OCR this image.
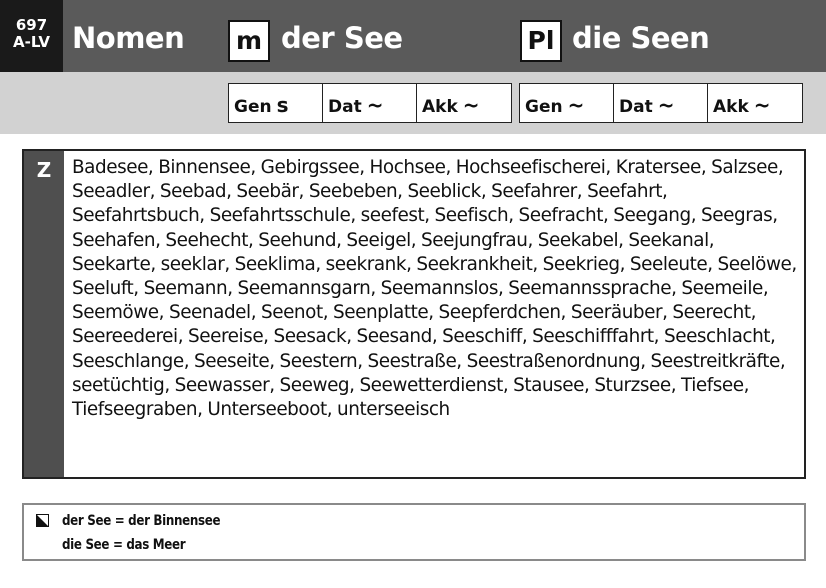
697
A-LV Nomen	m der See	Pl die Seen
Gen s	Dat ~	Akk ~	Gen ~	Dat ~	Akk ~
Z	Badesee, Binnensee, Gebirgssee, Hochsee, Hochseefischerei, Kratersee, Salzsee, Seeadler, Seebad, Seebär, Seebeben, Seeblick, Seefahrer, Seefahrt, Seefahrtsbuch, Seefahrtsschule, seefest, Seefisch, Seefracht, Seegang, Seegras, Seehafen, Seehecht, Seehund, Seeigel, Seejungfrau, Seekabel, Seekanal, Seekarte, seeklar, Seeklima, seekrank, Seekrankheit, Seekrieg, Seeleute, Seelöwe, Seeluft, Seemann, Seemannsgarn, Seemannslos, Seemannssprache, Seemeile, Seemöwe, Seenadel, Seenot, Seenplatte, Seepferdchen, Seeräuber, Seerecht, Seereederei, Seereise, Seesack, Seesand, Seeschiff, Seeschifffahrt, Seeschlacht, Seeschlange, Seeseite, Seestern, Seestraße, Seestraßenordnung, Seestreitkräfte, seetüchtig, Seewasser, Seeweg, Seewetterdienst, Stausee, Sturzsee, Tiefsee, Tiefseegraben, Unterseeboot, unterseeisch
der See = der Binnensee
die See = das Meer
